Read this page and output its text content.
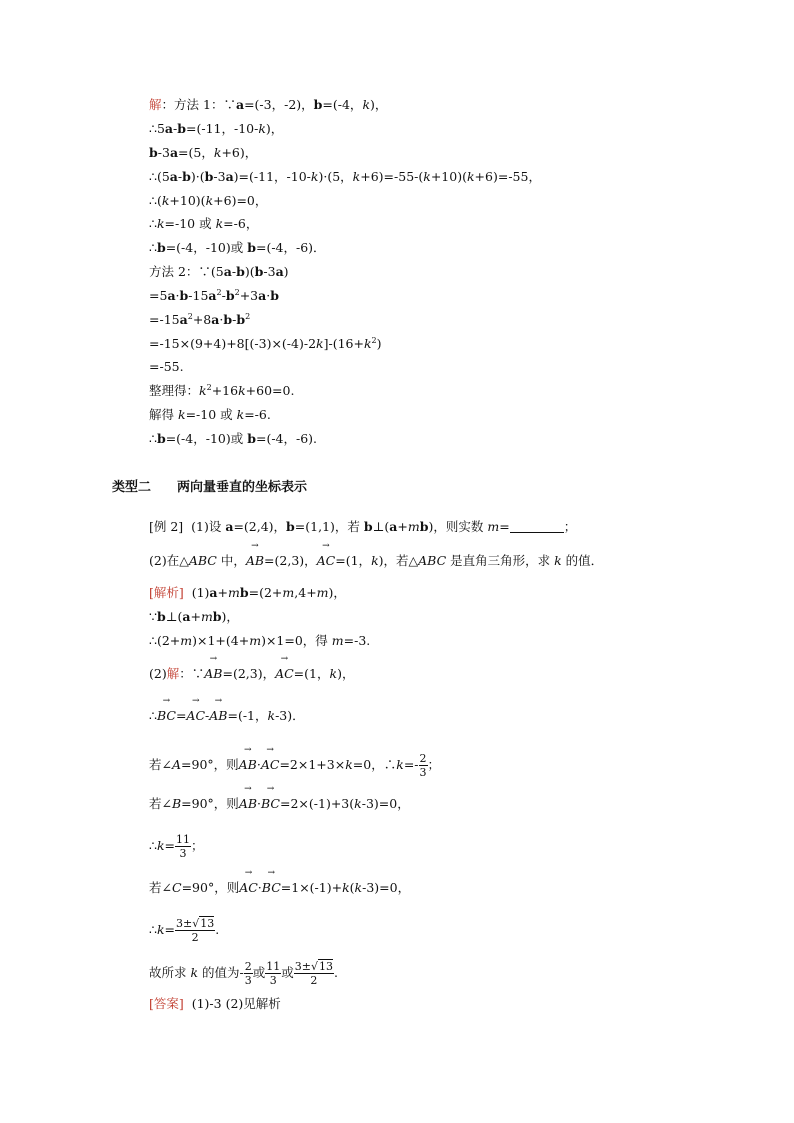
解：方法 1：∵a=(-3，-2)，b=(-4，k)，
∴5a-b=(-11，-10-k)，
b-3a=(5，k+6)，
∴(5a-b)·(b-3a)=(-11，-10-k)·(5，k+6)=-55-(k+10)(k+6)=-55，
∴(k+10)(k+6)=0，
∴k=-10 或 k=-6，
∴b=(-4，-10)或 b=(-4，-6)．
方法 2：∵(5a-b)(b-3a)
$=5a\cdot b-15a^2-b^2+3a\cdot b$
$=-15a^2+8a\cdot b-b^2$
$=-15\times(9+4)+8[(-3)\times(-4)-2k]-(16+k^2)$
=-55.
整理得：$k^2+16k+60=0$.
解得 k=-10 或 k=-6.
∴b=(-4，-10)或 b=(-4，-6).
类型二 两向量垂直的坐标表示
[例 2]  (1)设 a=(2,4)，b=(1,1)，若 b⊥(a+mb)，则实数 m=	；
(2)在△ABC 中，→ AB=(2,3)，→ AC=(1，k)，若△ABC 是直角三角形，求 k 的值．
[解析]  (1)a+mb=(2+m,4+m)，
∵b⊥(a+mb)，
∴(2+m)×1+(4+m)×1=0，得 m=-3.
(2)解：∵→ AB=(2,3)，→ AC=(1，k)，
∴→ BC=→ AC-→ AB=(-1，k-3)．
若∠A=90°，则→ AB·→ AC=2×1+3×k=0，∴k=- $\frac{2}{3}$ ；
若∠B=90°，则→ AB·→ BC=2×(-1)+3(k-3)=0，
∴k= $\frac{11}{3}$ ；
若∠C=90°，则→ AC·→ BC=1×(-1)+k(k-3)=0，
∴k= $\frac{3\pm√13}{2}$ .
故所求 k 的值为- $\frac{2}{3}$ 或 $\frac{11}{3}$ 或 $\frac{3\pm√13}{2}$ .
[答案] (1)-3 (2)见解析
